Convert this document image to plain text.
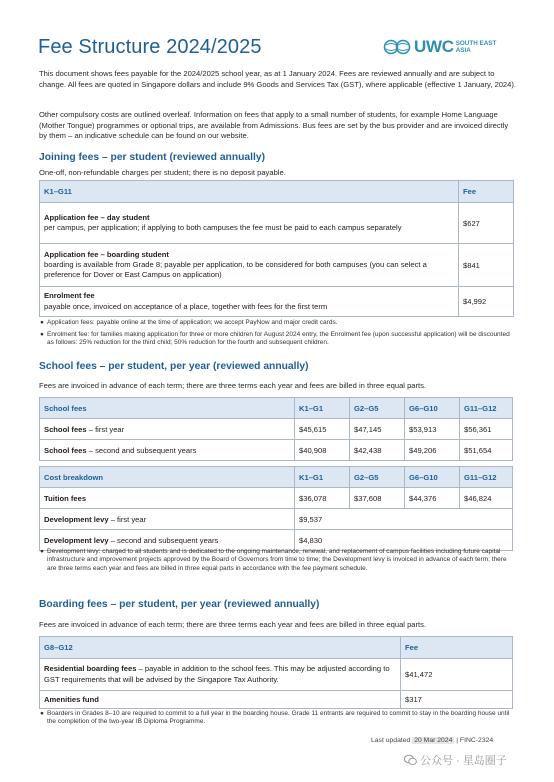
Fee Structure 2024/2025	UWC SOUTH EAST
ASIA
This document shows fees payable for the 2024/2025 school year, as at 1 January 2024. Fees are reviewed annually and are subject to change. All fees are quoted in Singapore dollars and include 9% Goods and Services Tax (GST), where applicable (effective 1 January, 2024).
Other compulsory costs are outlined overleaf. Information on fees that apply to a small number of students, for example Home Language (Mother Tongue) programmes or optional trips, are available from Admissions. Bus fees are set by the bus provider and are invoiced directly by them – an indicative schedule can be found on our website.
Joining fees – per student (reviewed annually)
One-off, non-refundable charges per student; there is no deposit payable.
K1–G11	Fee
Application fee – day student
per campus, per application; if applying to both campuses the fee must be paid to each campus separately	$627
Application fee – boarding student
boarding is available from Grade 8; payable per application, to be considered for both campuses (you can select a preference for Dover or East Campus on application)	$841
Enrolment fee
payable once, invoiced on acceptance of a place, together with fees for the first term	$4,992
● Application fees: payable online at the time of application; we accept PayNow and major credit cards.
● Enrolment fee: for families making application for three or more children for August 2024 entry, the Enrolment fee (upon successful application) will be discounted as follows: 25% reduction for the third child; 50% reduction for the fourth and subsequent children.
School fees – per student, per year (reviewed annually)
Fees are invoiced in advance of each term; there are three terms each year and fees are billed in three equal parts.
School fees	K1–G1	G2–G5	G6–G10	G11–G12
School fees – first year	$45,615	$47,145	$53,913	$56,361
School fees – second and subsequent years	$40,908	$42,438	$49,206	$51,654
Cost breakdown	K1–G1	G2–G5	G6–G10	G11–G12
Tuition fees	$36,078	$37,608	$44,376	$46,824
Development levy – first year	$9,537			
Development levy – second and subsequent years	$4,830			
● Development levy: charged to all students and is dedicated to the ongoing maintenance, renewal, and replacement of campus facilities including future capital infrastructure and improvement projects approved by the Board of Governors from time to time; the Development levy is invoiced in advance of each term; there are three terms each year and fees are billed in three equal parts in accordance with the fee payment schedule.
Boarding fees – per student, per year (reviewed annually)
Fees are invoiced in advance of each term; there are three terms each year and fees are billed in three equal parts.
G8–G12	Fee
Residential boarding fees – payable in addition to the school fees. This may be adjusted according to GST requirements that will be advised by the Singapore Tax Authority.	$41,472
Amenities fund	$317
● Boarders in Grades 8–10 are required to commit to a full year in the boarding house. Grade 11 entrants are required to commit to stay in the boarding house until the completion of the two-year IB Diploma Programme.
Last updated 20 Mar 2024 | FINC-2324
公众号 · 星岛圈子
